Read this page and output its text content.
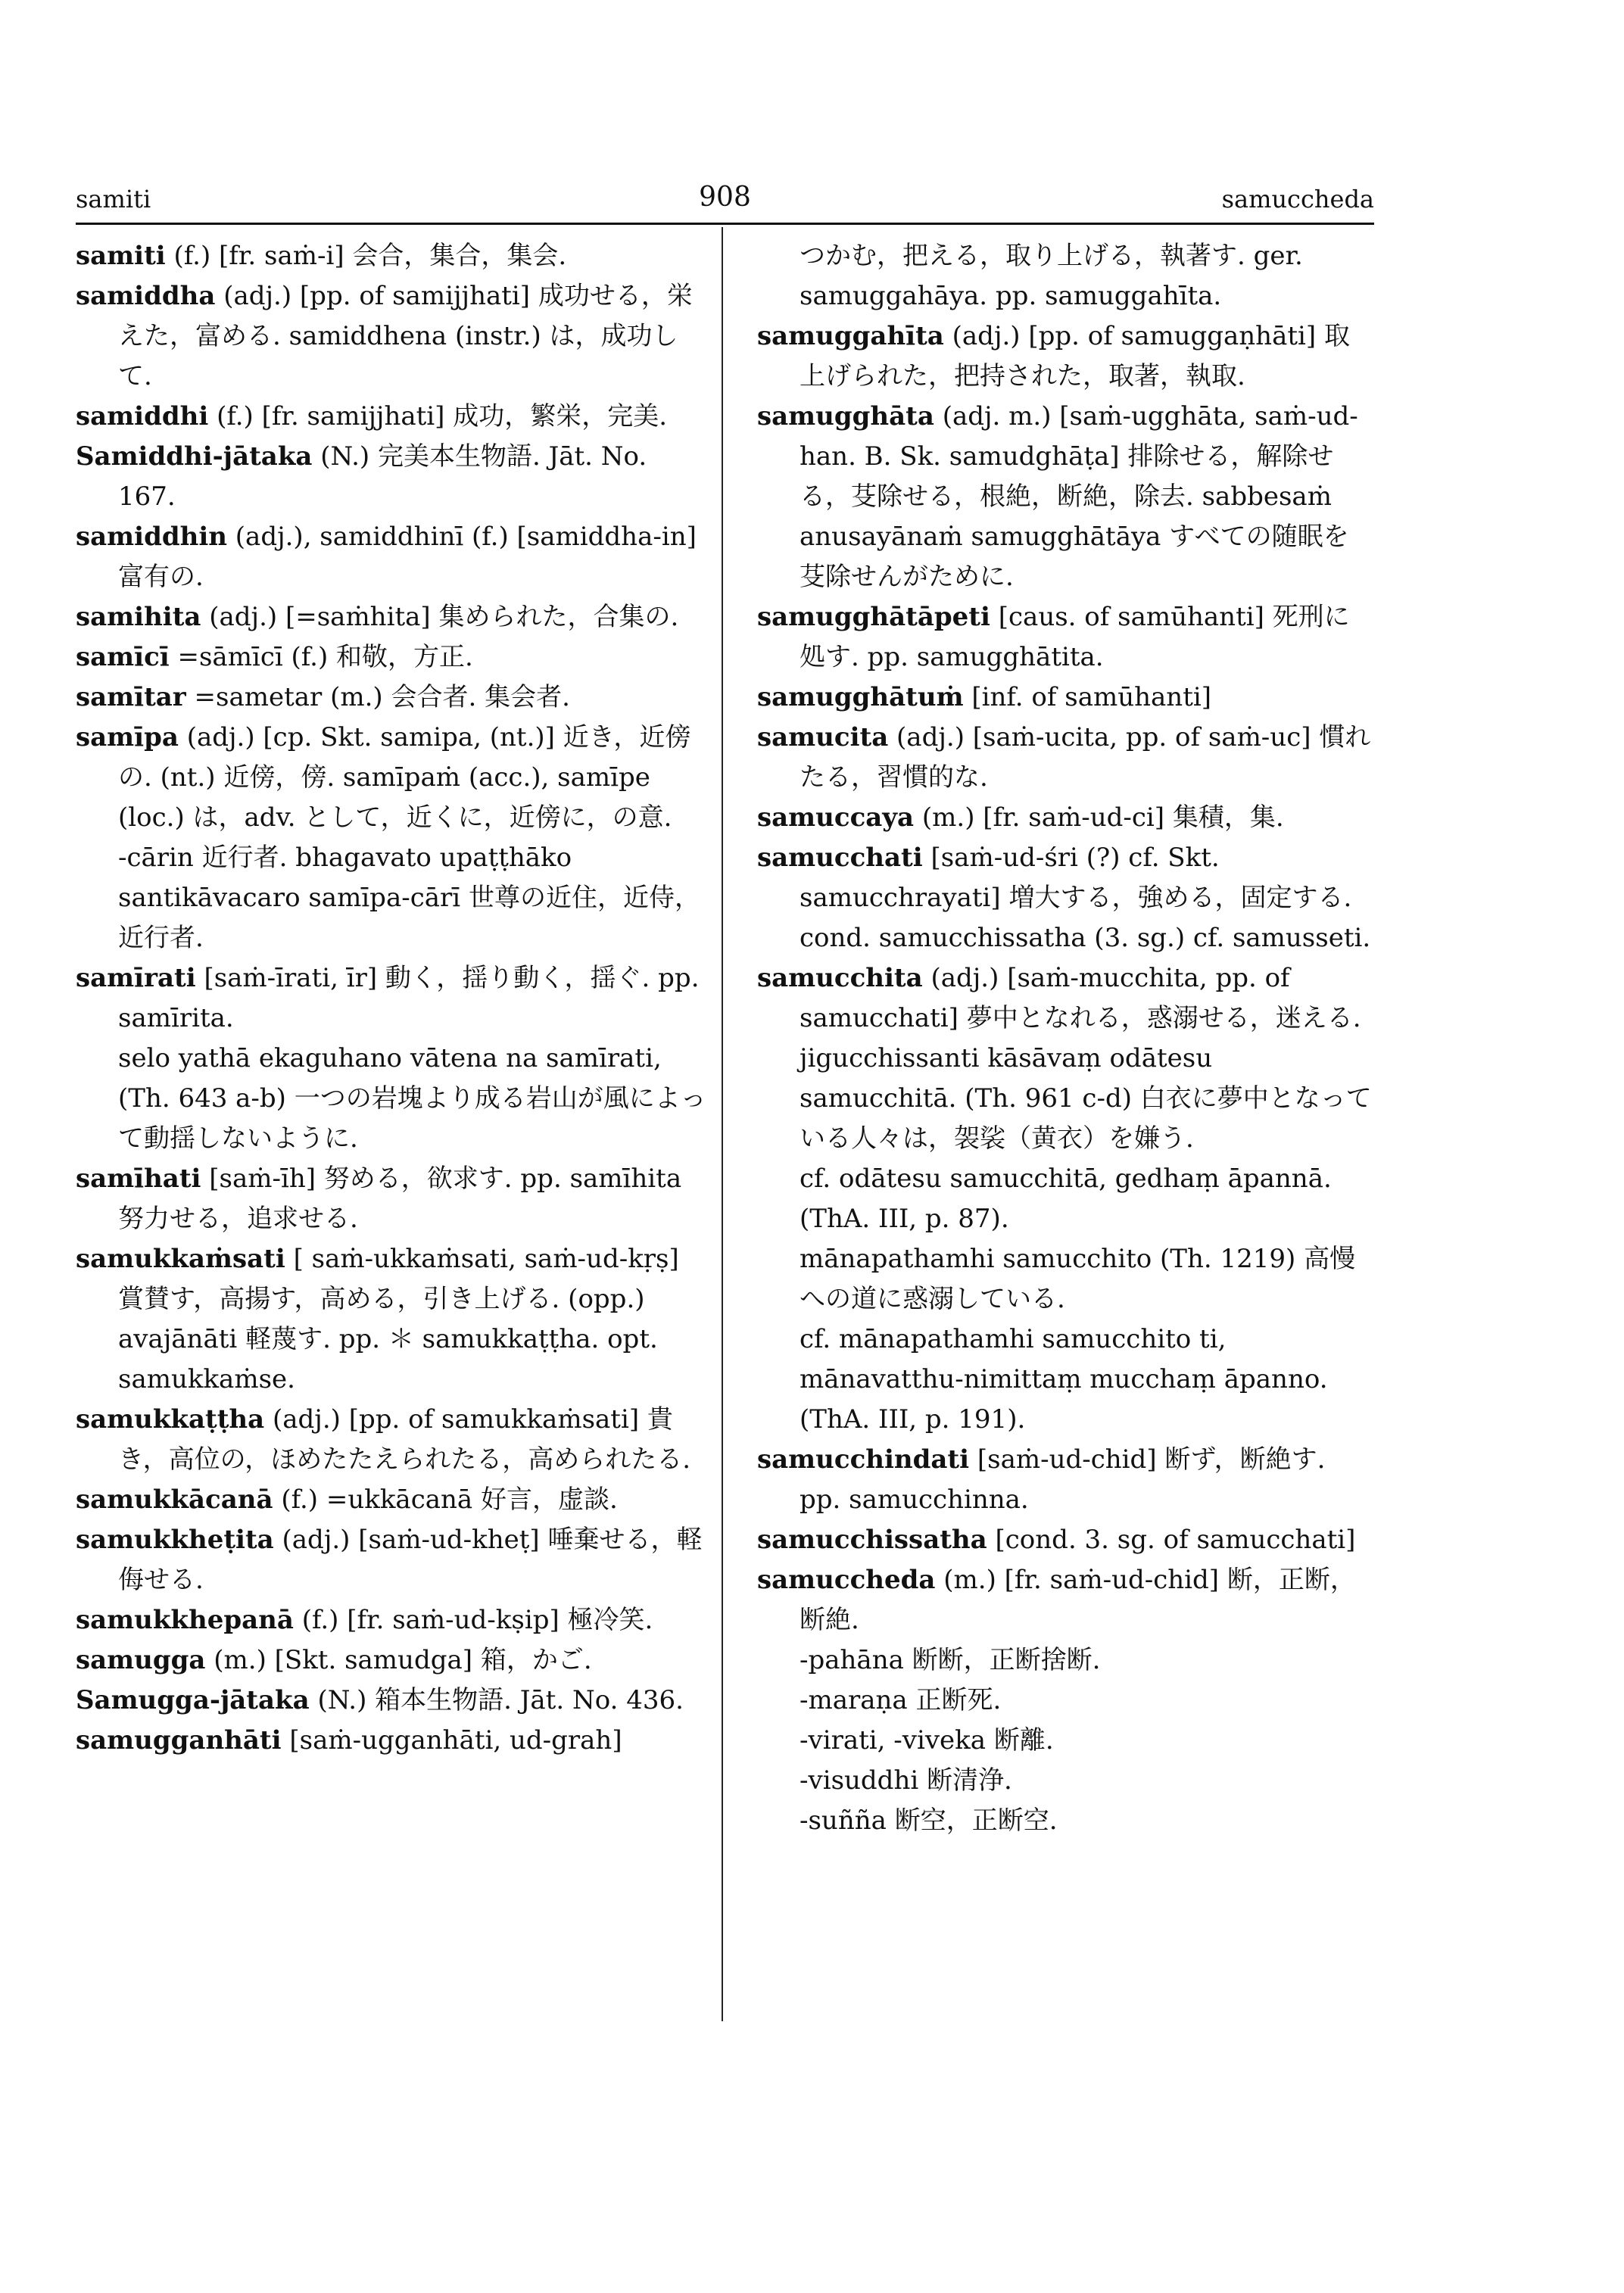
samiti	908	samuccheda
samiti (f.) [fr. saṁ-i] 会合，集合，集会.
samiddha (adj.) [pp. of samijjhati] 成功せる，栄えた，富める. samiddhena (instr.) は，成功して.
samiddhi (f.) [fr. samijjhati] 成功，繁栄，完美.
Samiddhi-jātaka (N.) 完美本生物語. Jāt. No. 167.
samiddhin (adj.), samiddhinī (f.) [samiddha-in] 富有の.
samihita (adj.) [=saṁhita] 集められた，合集の.
samīcī =sāmīcī (f.) 和敬，方正.
samītar =sametar (m.) 会合者. 集会者.
samīpa (adj.) [cp. Skt. samipa, (nt.)] 近き，近傍の. (nt.) 近傍，傍. samīpaṁ (acc.), samīpe (loc.) は，adv. として，近くに，近傍に，の意.
-cārin 近行者. bhagavato upaṭṭhāko santikāvacaro samīpa-cārī 世尊の近住，近侍，近行者.
samīrati [saṁ-īrati, īr] 動く，揺り動く，揺ぐ. pp. samīrita.
selo yathā ekaguhano vātena na samīrati, (Th. 643 a-b) 一つの岩塊より成る岩山が風によって動揺しないように.
samīhati [saṁ-īh] 努める，欲求す. pp. samīhita 努力せる，追求せる.
samukkaṁsati [ saṁ-ukkaṁsati, saṁ-ud-kṛṣ] 賞賛す，高揚す，高める，引き上げる. (opp.) avajānāti 軽蔑す. pp. ＊ samukkaṭṭha. opt. samukkaṁse.
samukkaṭṭha (adj.) [pp. of samukkaṁsati] 貴き，高位の，ほめたたえられたる，高められたる.
samukkācanā (f.) =ukkācanā 好言，虚談.
samukkheṭita (adj.) [saṁ-ud-kheṭ] 唾棄せる，軽侮せる.
samukkhepanā (f.) [fr. saṁ-ud-kṣip] 極冷笑.
samugga (m.) [Skt. samudga] 箱，かご.
Samugga-jātaka (N.) 箱本生物語. Jāt. No. 436.
samugganhāti [saṁ-ugganhāti, ud-grah]
つかむ，把える，取り上げる，執著す. ger. samuggahāya. pp. samuggahīta.
samuggahīta (adj.) [pp. of samuggaṇhāti] 取上げられた，把持された，取著，執取.
samugghāta (adj. m.) [saṁ-ugghāta, saṁ-ud-han. B. Sk. samudghāṭa] 排除せる，解除せる，芟除せる，根絶，断絶，除去. sabbesaṁ anusayānaṁ samugghātāya すべての随眠を芟除せんがために.
samugghātāpeti [caus. of samūhanti] 死刑に処す. pp. samugghātita.
samugghātuṁ [inf. of samūhanti]
samucita (adj.) [saṁ-ucita, pp. of saṁ-uc] 慣れたる，習慣的な.
samuccaya (m.) [fr. saṁ-ud-ci] 集積，集.
samucchati [saṁ-ud-śri (?) cf. Skt. samucchrayati] 増大する，強める，固定する. cond. samucchissatha (3. sg.) cf. samusseti.
samucchita (adj.) [saṁ-mucchita, pp. of samucchati] 夢中となれる，惑溺せる，迷える.
jigucchissanti kāsāvaṃ odātesu samucchitā. (Th. 961 c-d) 白衣に夢中となっている人々は，袈裟（黄衣）を嫌う.
cf. odātesu samucchitā, gedhaṃ āpannā. (ThA. III, p. 87).
mānapathamhi samucchito (Th. 1219) 高慢への道に惑溺している.
cf. mānapathamhi samucchito ti, mānavatthu-nimittaṃ mucchaṃ āpanno. (ThA. III, p. 191).
samucchindati [saṁ-ud-chid] 断ず，断絶す. pp. samucchinna.
samucchissatha [cond. 3. sg. of samucchati]
samuccheda (m.) [fr. saṁ-ud-chid] 断，正断，断絶.
-pahāna 断断，正断捨断.
-maraṇa 正断死.
-virati, -viveka 断離.
-visuddhi 断清浄.
-suñña 断空，正断空.
